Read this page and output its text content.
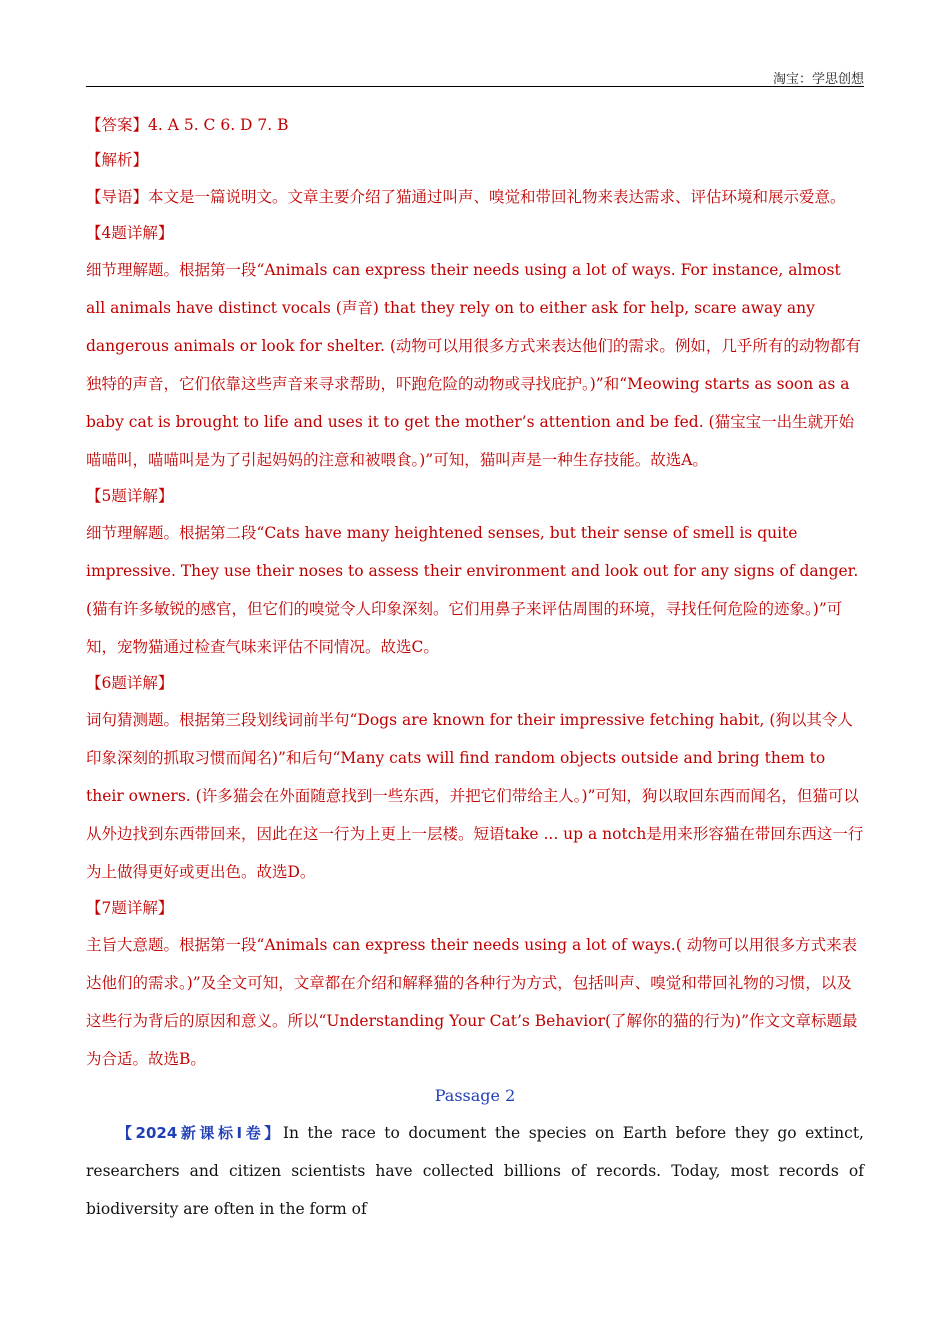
淘宝：学思创想

【答案】4. A 5. C 6. D 7. B

【解析】

【导语】本文是一篇说明文。文章主要介绍了猫通过叫声、嗅觉和带回礼物来表达需求、评估环境和展示爱意。

【4题详解】

细节理解题。根据第一段“Animals can express their needs using a lot of ways. For instance, almost all animals have distinct vocals (声音) that they rely on to either ask for help, scare away any dangerous animals or look for shelter. (动物可以用很多方式来表达他们的需求。例如，几乎所有的动物都有独特的声音，它们依靠这些声音来寻求帮助，吓跑危险的动物或寻找庇护。)”和“Meowing starts as soon as a baby cat is brought to life and uses it to get the mother’s attention and be fed. (猫宝宝一出生就开始喵喵叫，喵喵叫是为了引起妈妈的注意和被喂食。)”可知，猫叫声是一种生存技能。故选A。

【5题详解】

细节理解题。根据第二段“Cats have many heightened senses, but their sense of smell is quite impressive. They use their noses to assess their environment and look out for any signs of danger. (猫有许多敏锐的感官，但它们的嗅觉令人印象深刻。它们用鼻子来评估周围的环境，寻找任何危险的迹象。)”可知，宠物猫通过检查气味来评估不同情况。故选C。

【6题详解】

词句猜测题。根据第三段划线词前半句“Dogs are known for their impressive fetching habit, (狗以其令人印象深刻的抓取习惯而闻名)”和后句“Many cats will find random objects outside and bring them to their owners. (许多猫会在外面随意找到一些东西，并把它们带给主人。)”可知，狗以取回东西而闻名，但猫可以从外边找到东西带回来，因此在这一行为上更上一层楼。短语take ... up a notch是用来形容猫在带回东西这一行为上做得更好或更出色。故选D。

【7题详解】

主旨大意题。根据第一段“Animals can express their needs using a lot of ways.( 动物可以用很多方式来表达他们的需求。)”及全文可知，文章都在介绍和解释猫的各种行为方式，包括叫声、嗅觉和带回礼物的习惯，以及这些行为背后的原因和意义。所以“Understanding Your Cat’s Behavior(了解你的猫的行为)”作文文章标题最为合适。故选B。

Passage 2

【2024新课标Ⅰ卷】In the race to document the species on Earth before they go extinct, researchers and citizen scientists have collected billions of records. Today, most records of biodiversity are often in the form of
